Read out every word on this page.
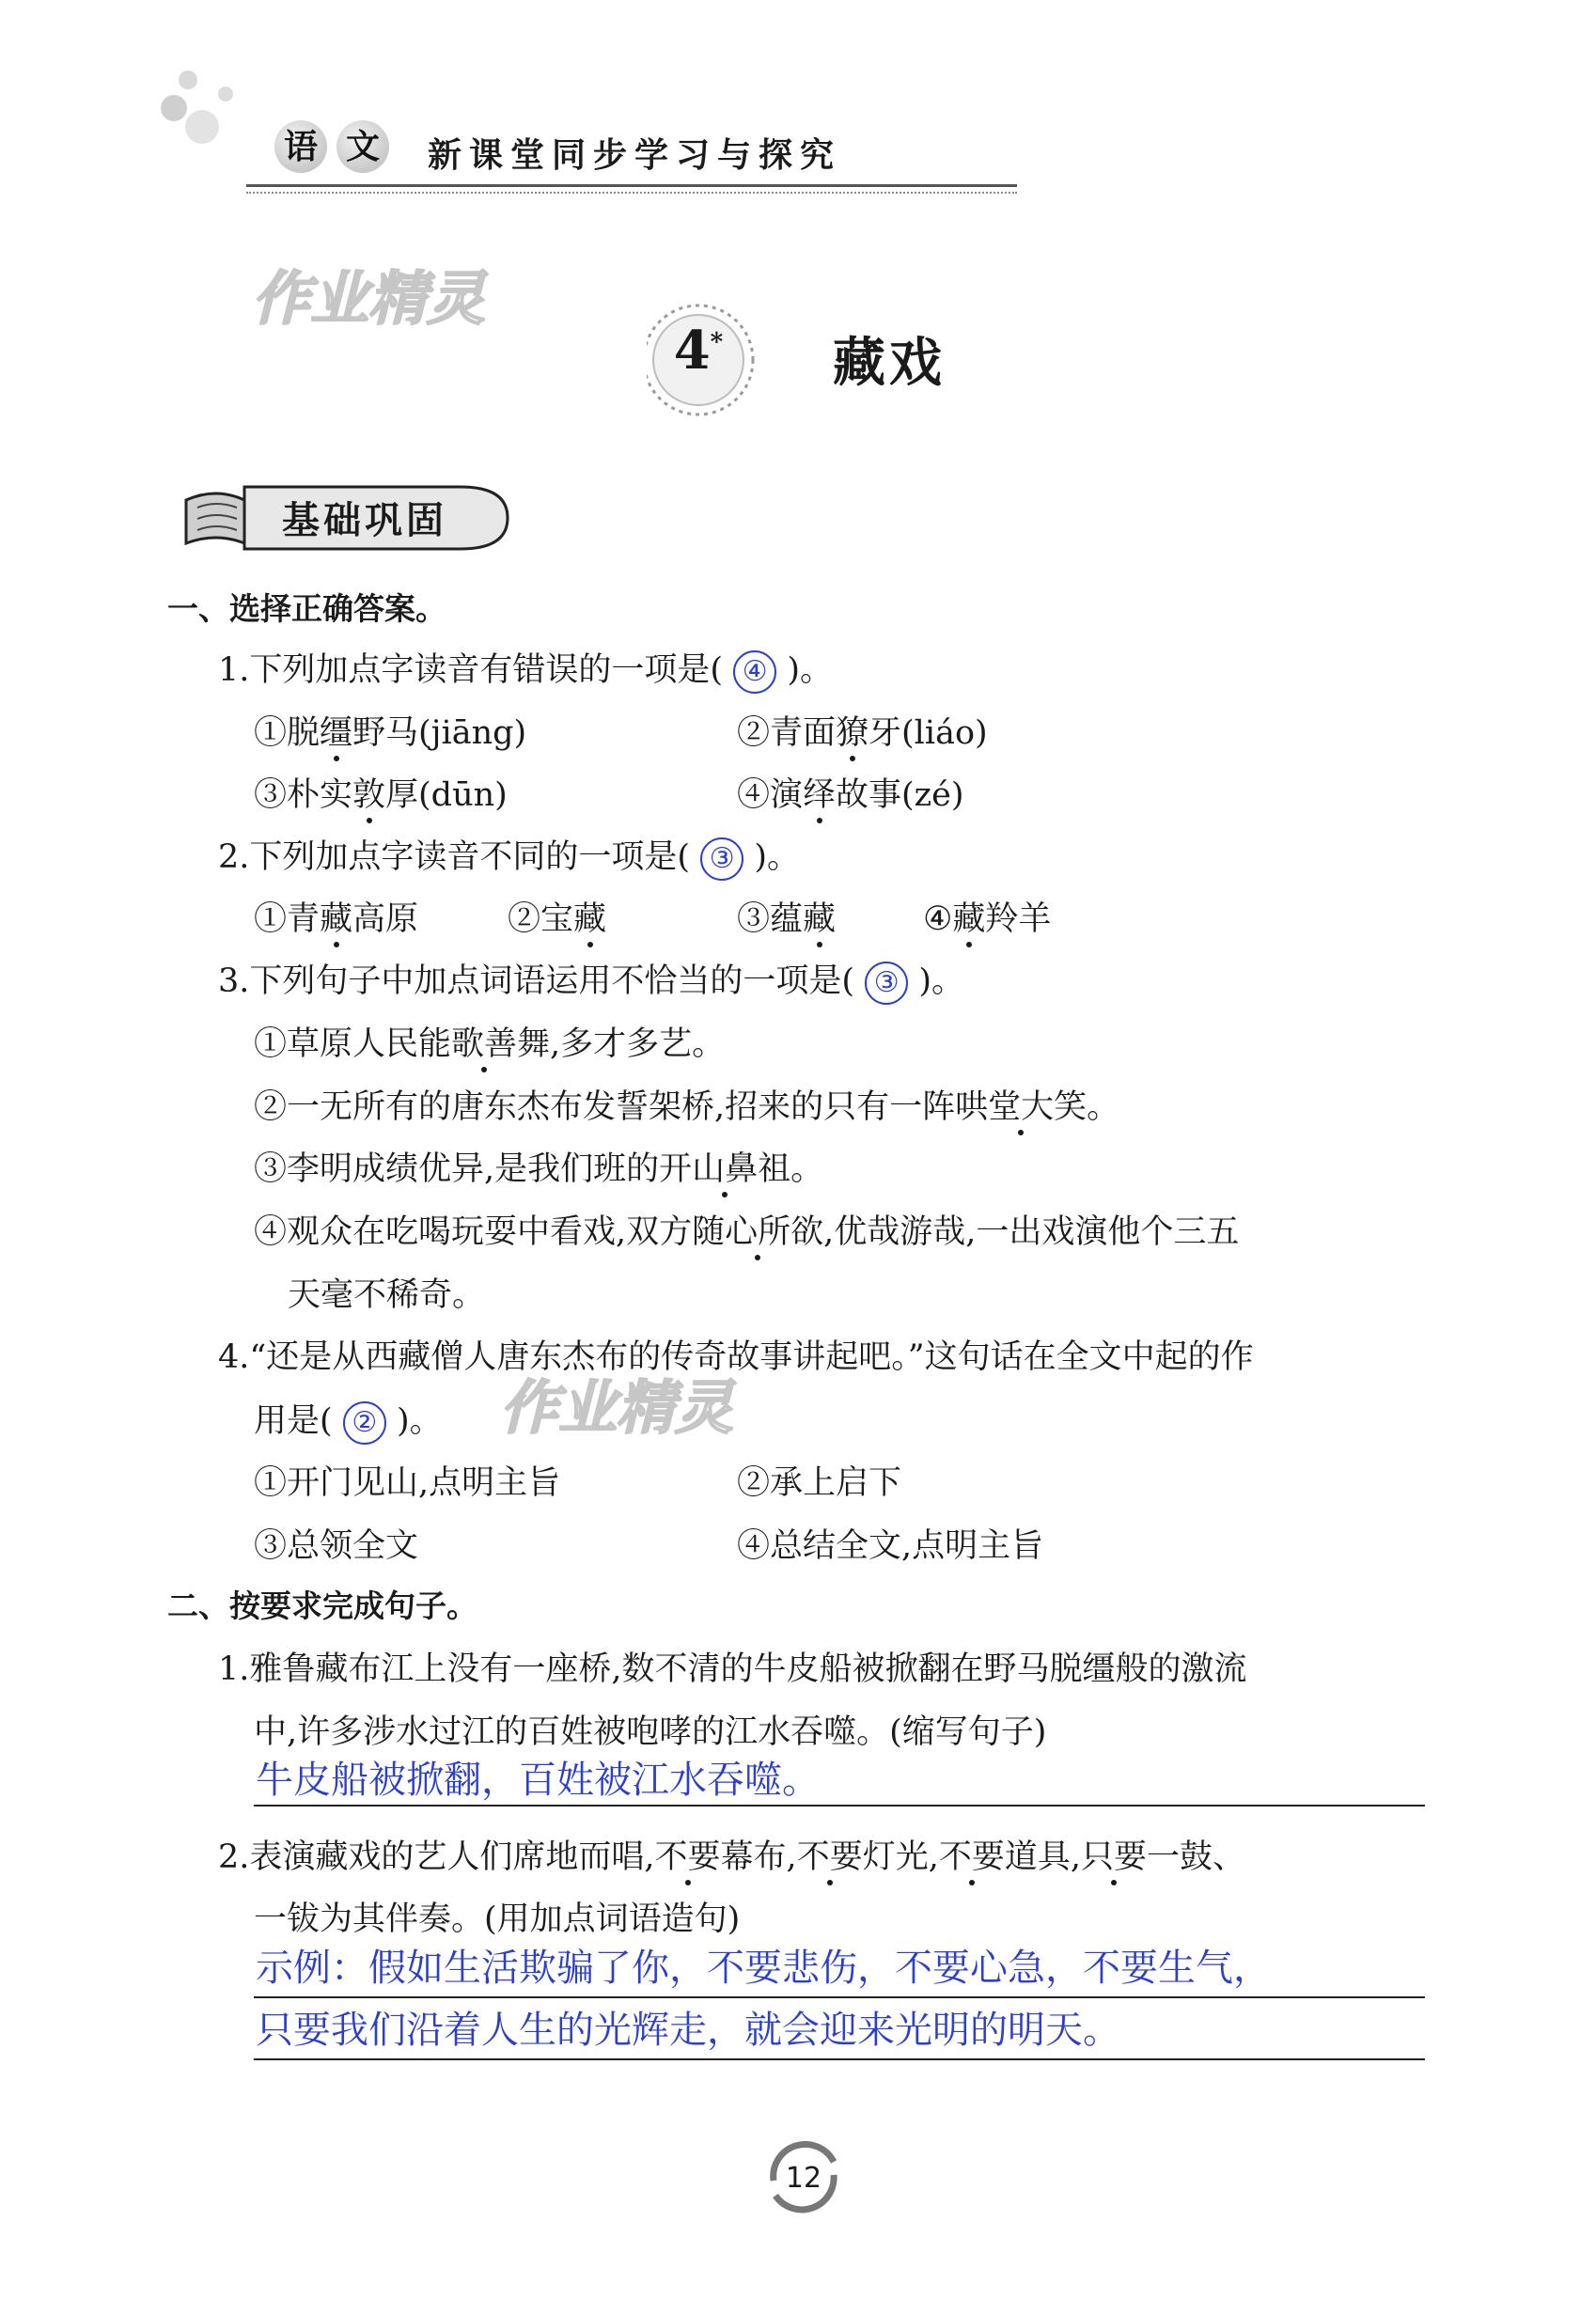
语 文 新课堂同步学习与探究
作业精灵
4*	藏戏
基础巩固
一、选择正确答案。
1.下列加点字读音有错误的一项是( ④ )。
①脱缰野马(jiāng)	②青面獠牙(liáo)
③朴实敦厚(dūn)	④演绎故事(zé)
2.下列加点字读音不同的一项是( ③ )。
①青藏高原	②宝藏	③蕴藏	④藏羚羊
3.下列句子中加点词语运用不恰当的一项是( ③ )。
①草原人民能歌善舞,多才多艺。
②一无所有的唐东杰布发誓架桥,招来的只有一阵哄堂大笑。
③李明成绩优异,是我们班的开山鼻祖。
④观众在吃喝玩耍中看戏,双方随心所欲,优哉游哉,一出戏演他个三五
天毫不稀奇。
4.“还是从西藏僧人唐东杰布的传奇故事讲起吧。”这句话在全文中起的作
用是( ② )。 作业精灵
①开门见山,点明主旨	②承上启下
③总领全文	④总结全文,点明主旨
二、按要求完成句子。
1.雅鲁藏布江上没有一座桥,数不清的牛皮船被掀翻在野马脱缰般的激流
中,许多涉水过江的百姓被咆哮的江水吞噬。(缩写句子)
牛皮船被掀翻，百姓被江水吞噬。
2.表演藏戏的艺人们席地而唱,不要幕布,不要灯光,不要道具,只要一鼓、
一钹为其伴奏。(用加点词语造句)
示例：假如生活欺骗了你，不要悲伤，不要心急，不要生气，
只要我们沿着人生的光辉走，就会迎来光明的明天。
12
